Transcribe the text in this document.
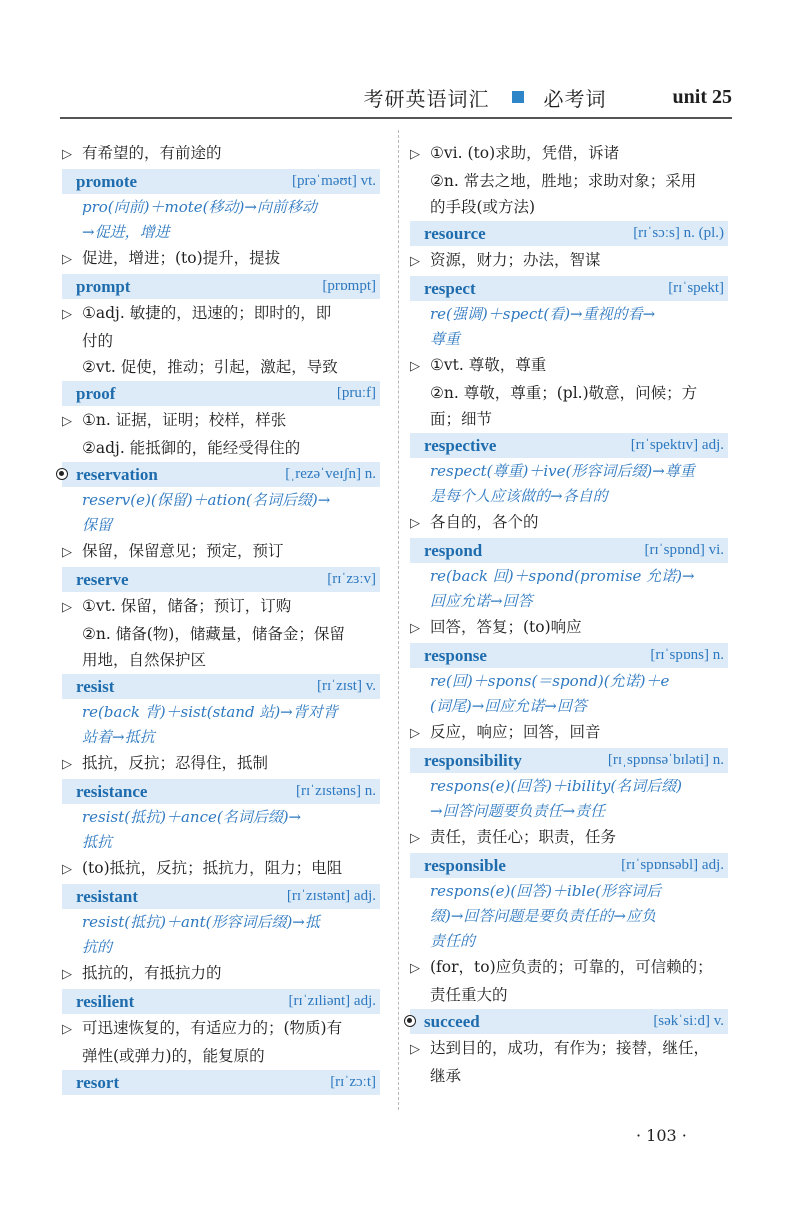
考研英语词汇	必考词	unit 25
▷ 有希望的，有前途的
promote	[prəˈməʊt] vt.
pro(向前)＋mote(移动)→向前移动
→促进，增进
▷ 促进，增进；(to)提升，提拔
prompt	[prɒmpt]
▷ ①adj. 敏捷的，迅速的；即时的，即
付的
②vt. 促使，推动；引起，激起，导致
proof	[pruːf]
▷ ①n. 证据，证明；校样，样张
②adj. 能抵御的，能经受得住的
reservation	[ˌrezəˈveɪʃn] n.
reserv(e)(保留)＋ation(名词后缀)→
保留
▷ 保留，保留意见；预定，预订
reserve	[rɪˈzɜːv]
▷ ①vt. 保留，储备；预订，订购
②n. 储备(物)，储藏量，储备金；保留
用地，自然保护区
resist	[rɪˈzɪst] v.
re(back 背)＋sist(stand 站)→背对背
站着→抵抗
▷ 抵抗，反抗；忍得住，抵制
resistance	[rɪˈzɪstəns] n.
resist(抵抗)＋ance(名词后缀)→
抵抗
▷ (to)抵抗，反抗；抵抗力，阻力；电阻
resistant	[rɪˈzɪstənt] adj.
resist(抵抗)＋ant(形容词后缀)→抵
抗的
▷ 抵抗的，有抵抗力的
resilient	[rɪˈzɪliənt] adj.
▷ 可迅速恢复的，有适应力的；(物质)有
弹性(或弹力)的，能复原的
resort	[rɪˈzɔːt]
▷ ①vi. (to)求助，凭借，诉诸
②n. 常去之地，胜地；求助对象；采用
的手段(或方法)
resource	[rɪˈsɔːs] n. (pl.)
▷ 资源，财力；办法，智谋
respect	[rɪˈspekt]
re(强调)＋spect(看)→重视的看→
尊重
▷ ①vt. 尊敬，尊重
②n. 尊敬，尊重；(pl.)敬意，问候；方
面；细节
respective	[rɪˈspektɪv] adj.
respect(尊重)＋ive(形容词后缀)→尊重
是每个人应该做的→各自的
▷ 各自的，各个的
respond	[rɪˈspɒnd] vi.
re(back 回)＋spond(promise 允诺)→
回应允诺→回答
▷ 回答，答复；(to)响应
response	[rɪˈspɒns] n.
re(回)＋spons(＝spond)(允诺)＋e
(词尾)→回应允诺→回答
▷ 反应，响应；回答，回音
responsibility	[rɪˌspɒnsəˈbɪləti] n.
respons(e)(回答)＋ibility(名词后缀)
→回答问题要负责任→责任
▷ 责任，责任心；职责，任务
responsible	[rɪˈspɒnsəbl] adj.
respons(e)(回答)＋ible(形容词后
缀)→回答问题是要负责任的→应负
责任的
▷ (for，to)应负责的；可靠的，可信赖的；
责任重大的
succeed	[səkˈsiːd] v.
▷ 达到目的，成功，有作为；接替，继任，
继承
· 103 ·
